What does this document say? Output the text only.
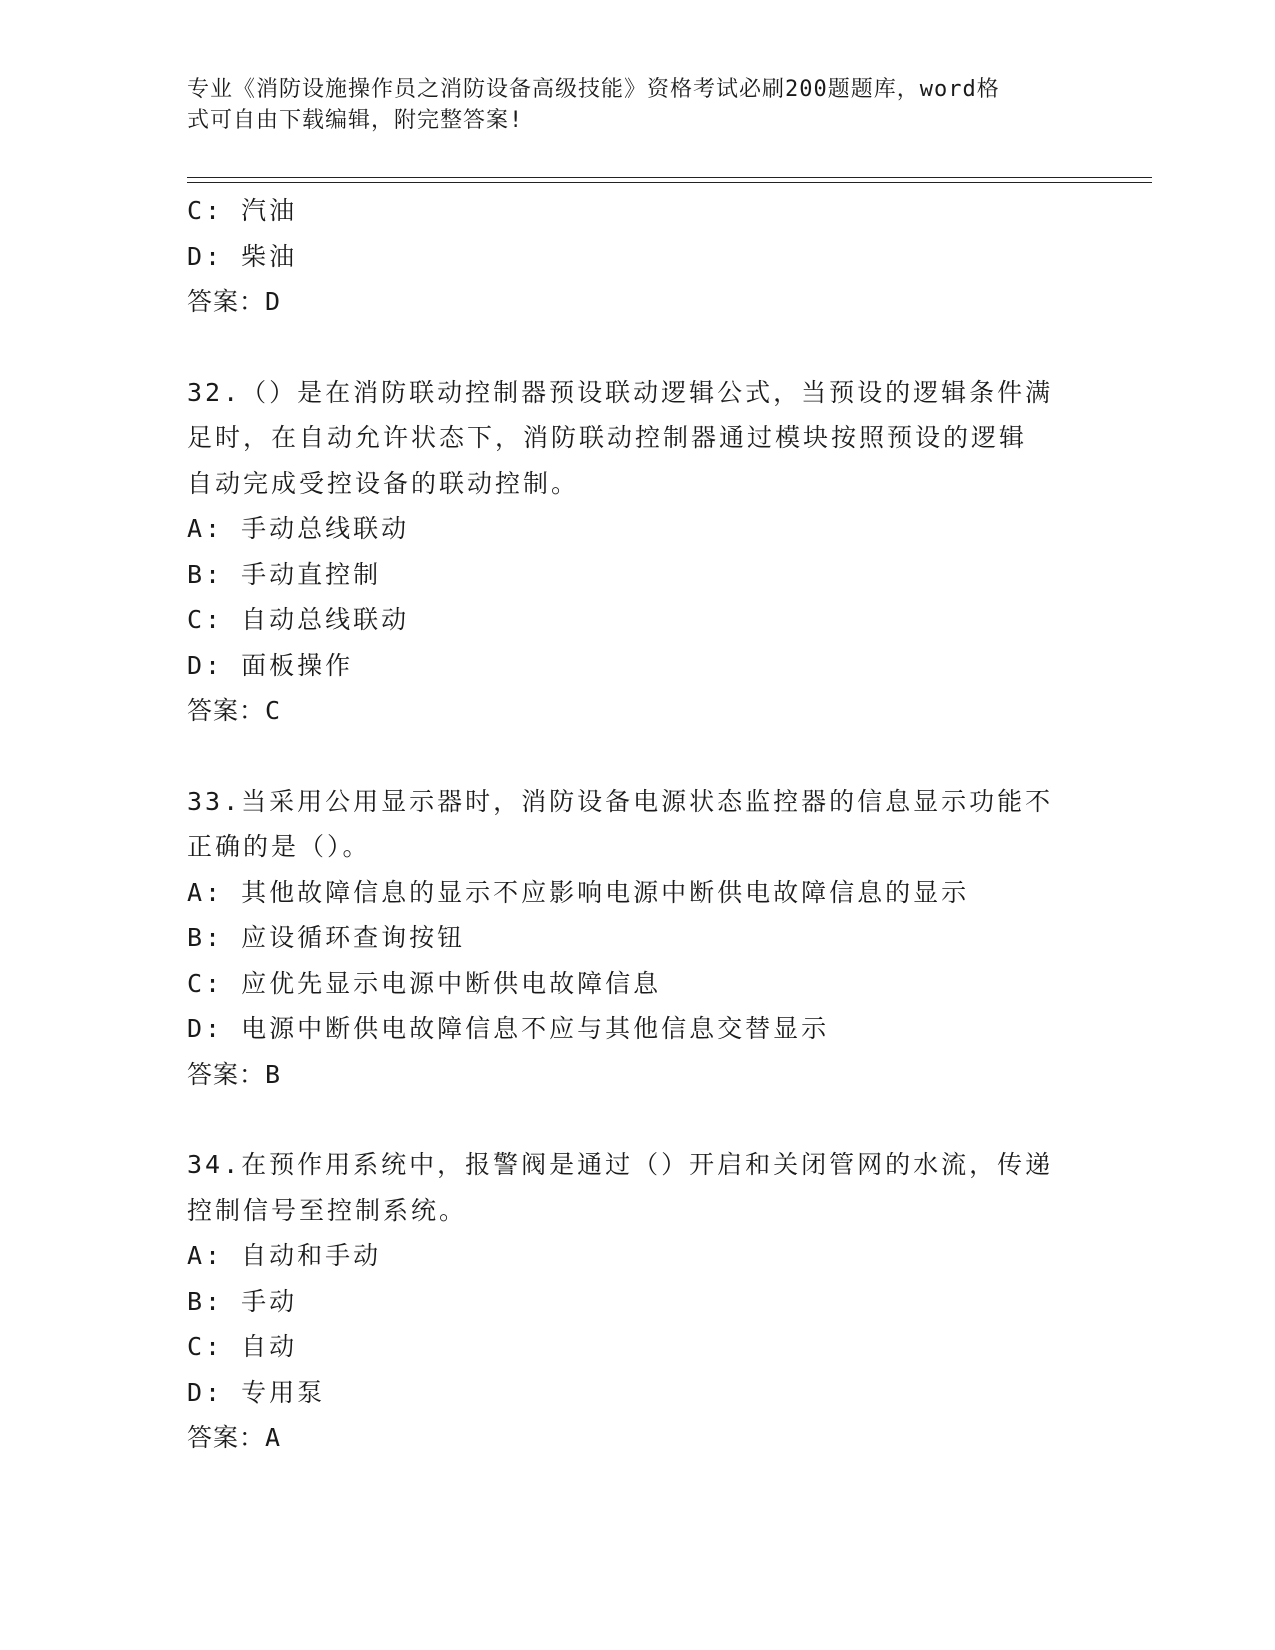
专业《消防设施操作员之消防设备高级技能》资格考试必刷200题题库，word格
式可自由下载编辑，附完整答案!
C: 汽油
D: 柴油
答案：D
32.（）是在消防联动控制器预设联动逻辑公式，当预设的逻辑条件满
足时，在自动允许状态下，消防联动控制器通过模块按照预设的逻辑
自动完成受控设备的联动控制。
A: 手动总线联动
B: 手动直控制
C: 自动总线联动
D: 面板操作
答案：C
33.当采用公用显示器时，消防设备电源状态监控器的信息显示功能不
正确的是（）。
A: 其他故障信息的显示不应影响电源中断供电故障信息的显示
B: 应设循环查询按钮
C: 应优先显示电源中断供电故障信息
D: 电源中断供电故障信息不应与其他信息交替显示
答案：B
34.在预作用系统中，报警阀是通过（）开启和关闭管网的水流，传递
控制信号至控制系统。
A: 自动和手动
B: 手动
C: 自动
D: 专用泵
答案：A
